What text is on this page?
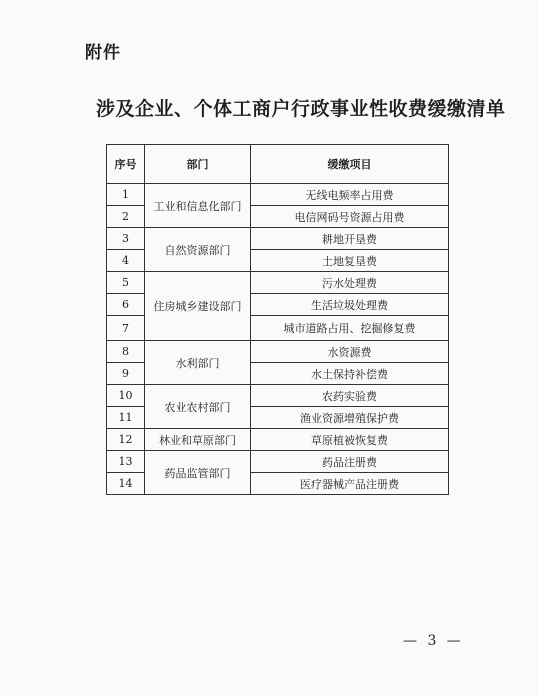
附件
涉及企业、个体工商户行政事业性收费缓缴清单
序号	部门	缓缴项目
1	工业和信息化部门	无线电频率占用费
2		电信网码号资源占用费
3	自然资源部门	耕地开垦费
4		土地复垦费
5	住房城乡建设部门	污水处理费
6		生活垃圾处理费
7		城市道路占用、挖掘修复费
8	水利部门	水资源费
9		水土保持补偿费
10	农业农村部门	农药实验费
11		渔业资源增殖保护费
12	林业和草原部门	草原植被恢复费
13	药品监管部门	药品注册费
14		医疗器械产品注册费
— 3 —
